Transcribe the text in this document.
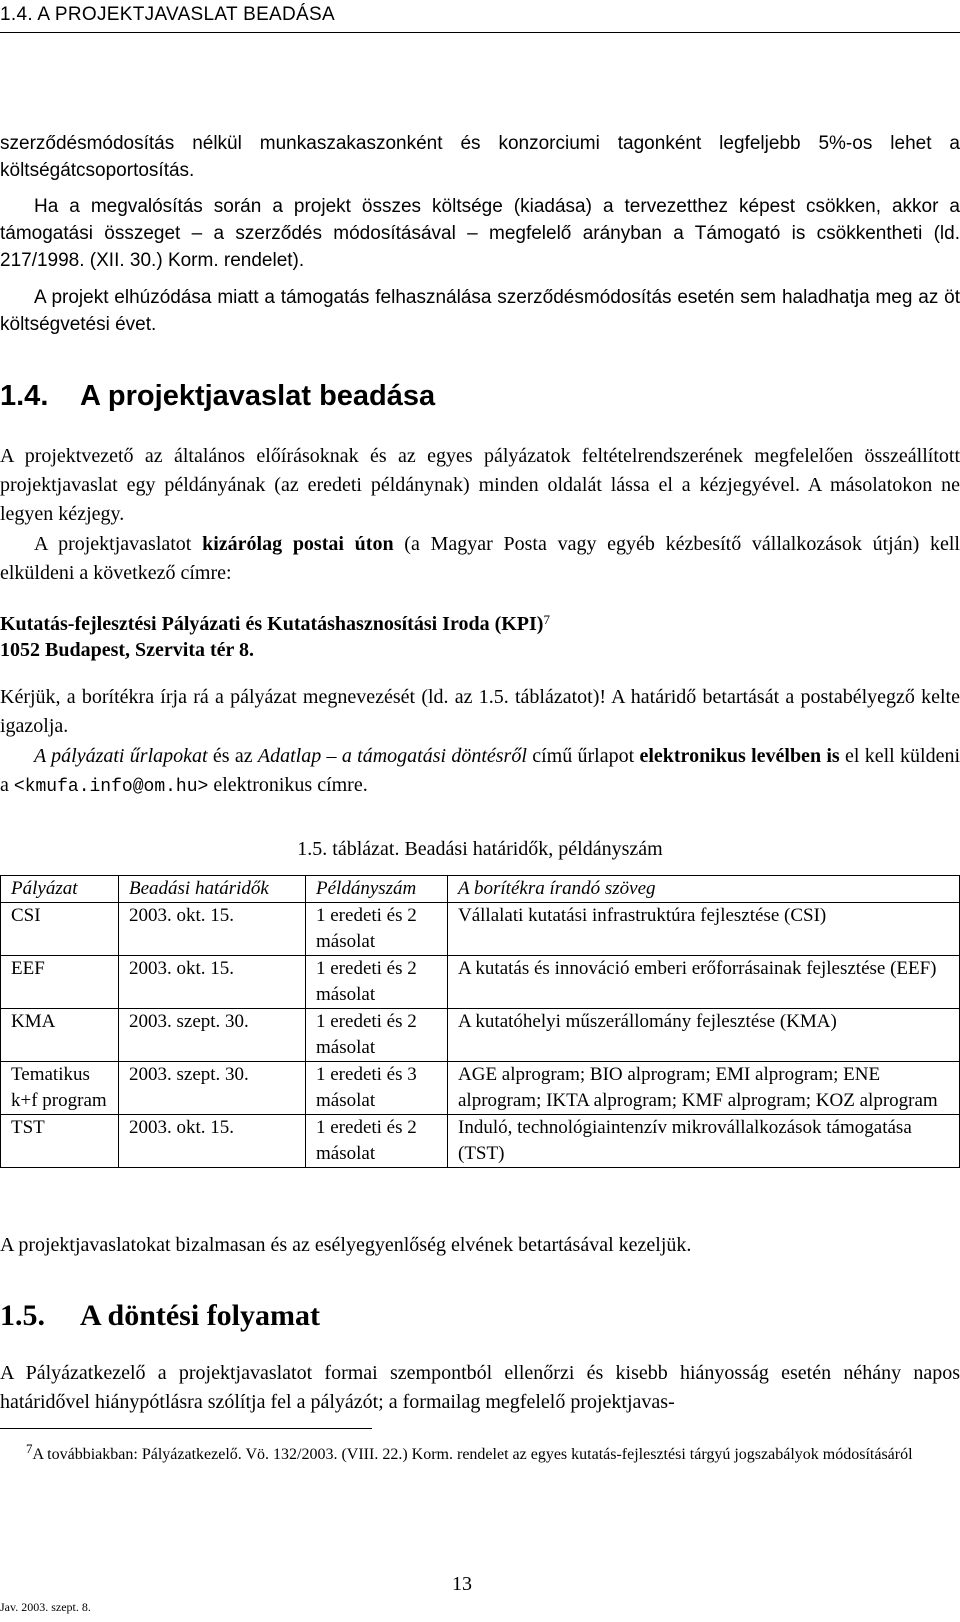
1.4. A PROJEKTJAVASLAT BEADÁSA
szerződésmódosítás nélkül munkaszakaszonként és konzorciumi tagonként legfeljebb 5%-os lehet a költségátcsoportosítás.
Ha a megvalósítás során a projekt összes költsége (kiadása) a tervezetthez képest csökken, akkor a támogatási összeget – a szerződés módosításával – megfelelő arányban a Támogató is csökkentheti (ld. 217/1998. (XII. 30.) Korm. rendelet).
A projekt elhúzódása miatt a támogatás felhasználása szerződésmódosítás esetén sem haladhatja meg az öt költségvetési évet.
1.4. A projektjavaslat beadása
A projektvezető az általános előírásoknak és az egyes pályázatok feltételrendszerének megfelelően összeállított projektjavaslat egy példányának (az eredeti példánynak) minden oldalát lássa el a kézjegyével. A másolatokon ne legyen kézjegy.
A projektjavaslatot kizárólag postai úton (a Magyar Posta vagy egyéb kézbesítő vállalkozások útján) kell elküldeni a következő címre:
Kutatás-fejlesztési Pályázati és Kutatáshasznosítási Iroda (KPI)$^7$
1052 Budapest, Szervita tér 8.
Kérjük, a borítékra írja rá a pályázat megnevezését (ld. az 1.5. táblázatot)! A határidő betartását a postabélyegző kelte igazolja.
A pályázati űrlapokat és az Adatlap – a támogatási döntésről című űrlapot elektronikus levélben is el kell küldeni a <kmufa.info@om.hu> elektronikus címre.
1.5. táblázat. Beadási határidők, példányszám
Pályázat	Beadási határidők	Példányszám	A borítékra írandó szöveg
CSI	2003. okt. 15.	1 eredeti és 2 másolat	Vállalati kutatási infrastruktúra fejlesztése (CSI)
EEF	2003. okt. 15.	1 eredeti és 2 másolat	A kutatás és innováció emberi erőforrásainak fejlesztése (EEF)
KMA	2003. szept. 30.	1 eredeti és 2 másolat	A kutatóhelyi műszerállomány fejlesztése (KMA)
Tematikus k+f program	2003. szept. 30.	1 eredeti és 3 másolat	AGE alprogram; BIO alprogram; EMI alprogram; ENE alprogram; IKTA alprogram; KMF alprogram; KOZ alprogram
TST	2003. okt. 15.	1 eredeti és 2 másolat	Induló, technológiaintenzív mikrovállalkozások támogatása (TST)
A projektjavaslatokat bizalmasan és az esélyegyenlőség elvének betartásával kezeljük.
1.5. A döntési folyamat
A Pályázatkezelő a projektjavaslatot formai szempontból ellenőrzi és kisebb hiányosság esetén néhány napos határidővel hiánypótlásra szólítja fel a pályázót; a formailag megfelelő projektjavas-
$^7$A továbbiakban: Pályázatkezelő. Vö. 132/2003. (VIII. 22.) Korm. rendelet az egyes kutatás-fejlesztési tárgyú jogszabályok módosításáról
Jav. 2003. szept. 8.
13
